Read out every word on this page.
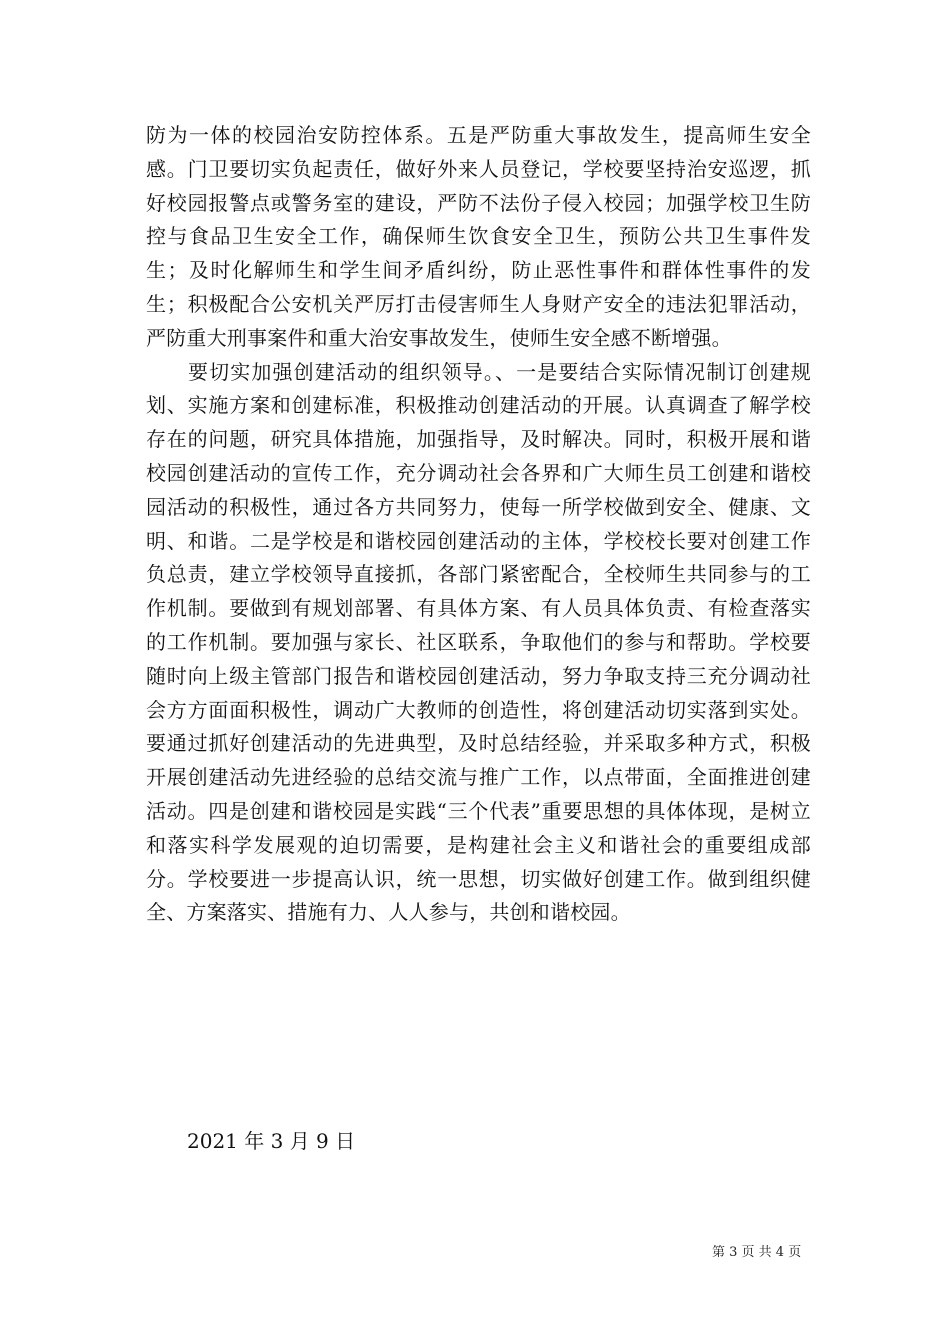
防为一体的校园治安防控体系。五是严防重大事故发生，提高师生安全感。门卫要切实负起责任，做好外来人员登记，学校要坚持治安巡逻，抓好校园报警点或警务室的建设，严防不法份子侵入校园；加强学校卫生防控与食品卫生安全工作，确保师生饮食安全卫生，预防公共卫生事件发生；及时化解师生和学生间矛盾纠纷，防止恶性事件和群体性事件的发生；积极配合公安机关严厉打击侵害师生人身财产安全的违法犯罪活动，严防重大刑事案件和重大治安事故发生，使师生安全感不断增强。

要切实加强创建活动的组织领导。、一是要结合实际情况制订创建规划、实施方案和创建标准，积极推动创建活动的开展。认真调查了解学校存在的问题，研究具体措施，加强指导，及时解决。同时，积极开展和谐校园创建活动的宣传工作，充分调动社会各界和广大师生员工创建和谐校园活动的积极性，通过各方共同努力，使每一所学校做到安全、健康、文明、和谐。二是学校是和谐校园创建活动的主体，学校校长要对创建工作负总责，建立学校领导直接抓，各部门紧密配合，全校师生共同参与的工作机制。要做到有规划部署、有具体方案、有人员具体负责、有检查落实的工作机制。要加强与家长、社区联系，争取他们的参与和帮助。学校要随时向上级主管部门报告和谐校园创建活动，努力争取支持三充分调动社会方方面面积极性，调动广大教师的创造性，将创建活动切实落到实处。要通过抓好创建活动的先进典型，及时总结经验，并采取多种方式，积极开展创建活动先进经验的总结交流与推广工作，以点带面，全面推进创建活动。四是创建和谐校园是实践“三个代表”重要思想的具体体现，是树立和落实科学发展观的迫切需要，是构建社会主义和谐社会的重要组成部分。学校要进一步提高认识，统一思想，切实做好创建工作。做到组织健全、方案落实、措施有力、人人参与，共创和谐校园。

2021 年 3 月 9 日
第 3 页 共 4 页
